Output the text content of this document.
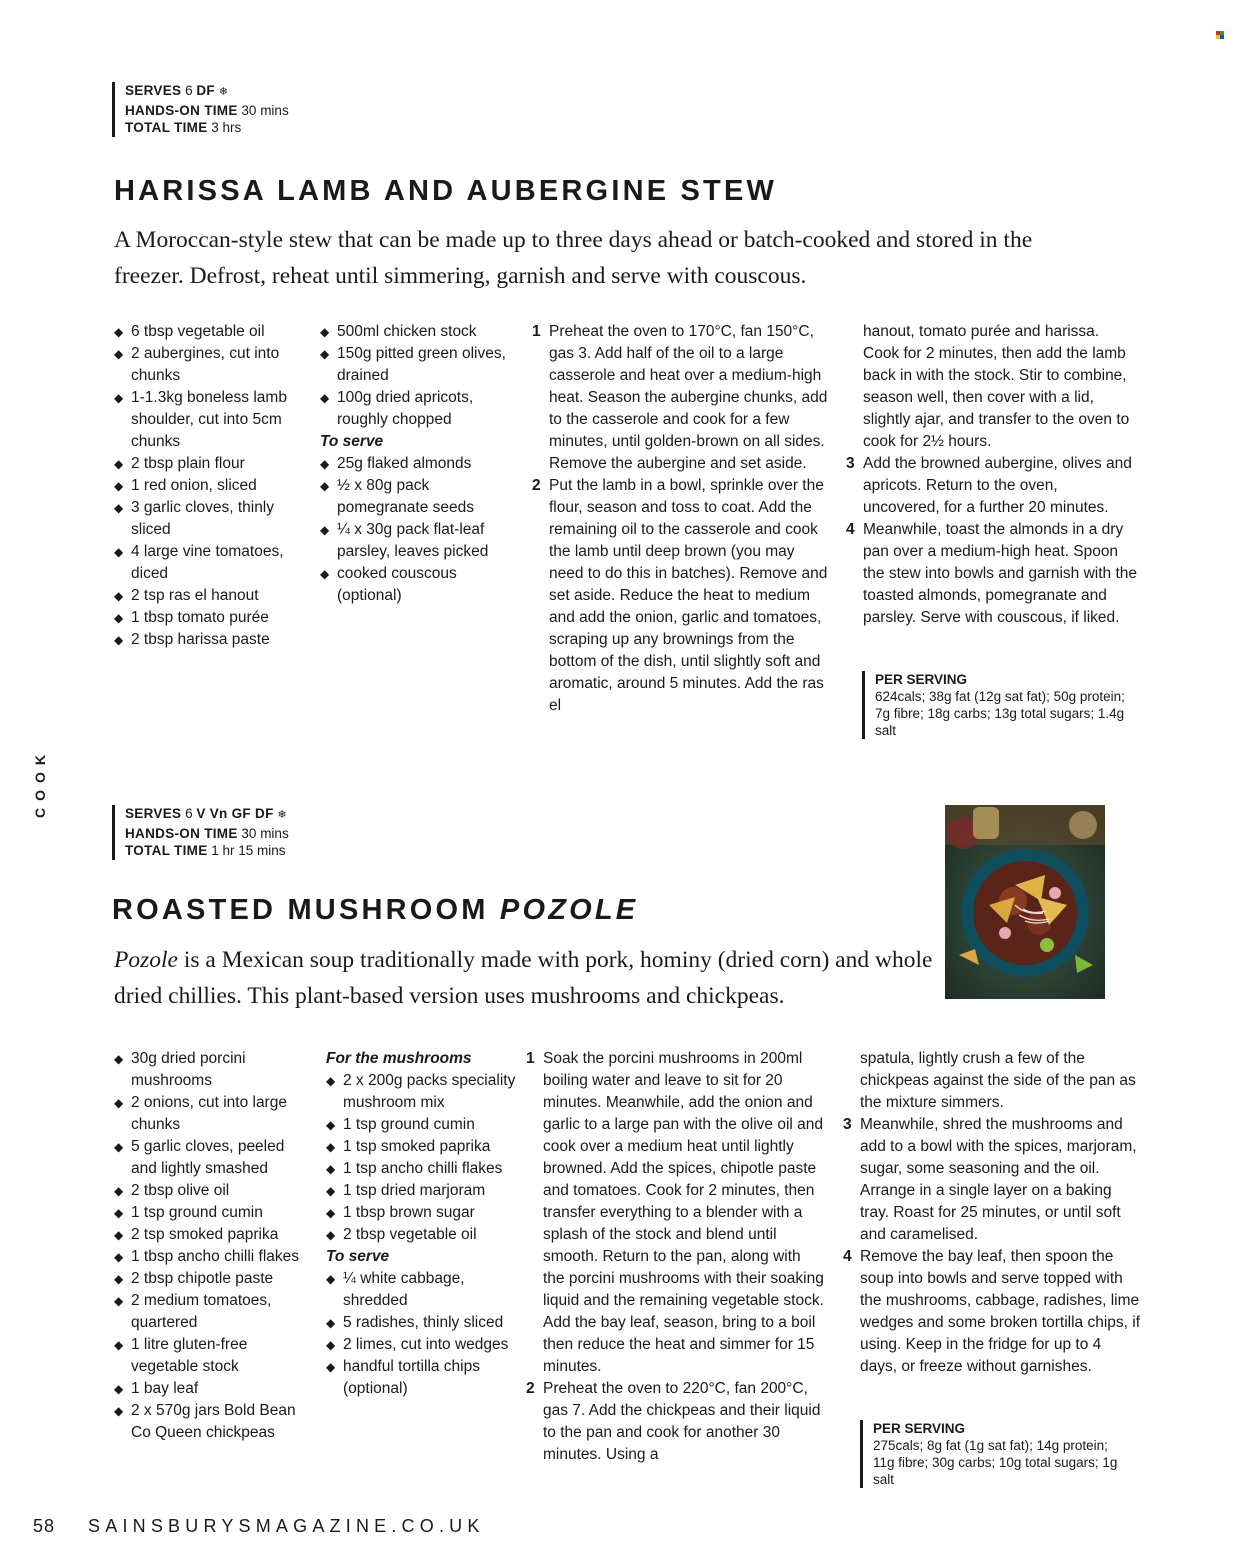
COOK
SERVES 6 DF ❄
HANDS-ON TIME 30 mins
TOTAL TIME 3 hrs
HARISSA LAMB AND AUBERGINE STEW
A Moroccan-style stew that can be made up to three days ahead or batch-cooked and stored in the freezer. Defrost, reheat until simmering, garnish and serve with couscous.
◆ 6 tbsp vegetable oil
◆ 2 aubergines, cut into chunks
◆ 1-1.3kg boneless lamb shoulder, cut into 5cm chunks
◆ 2 tbsp plain flour
◆ 1 red onion, sliced
◆ 3 garlic cloves, thinly sliced
◆ 4 large vine tomatoes, diced
◆ 2 tsp ras el hanout
◆ 1 tbsp tomato purée
◆ 2 tbsp harissa paste
◆ 500ml chicken stock
◆ 150g pitted green olives, drained
◆ 100g dried apricots, roughly chopped
To serve
◆ 25g flaked almonds
◆ ½ x 80g pack pomegranate seeds
◆ ¼ x 30g pack flat-leaf parsley, leaves picked
◆ cooked couscous (optional)
1 Preheat the oven to 170°C, fan 150°C, gas 3. Add half of the oil to a large casserole and heat over a medium-high heat. Season the aubergine chunks, add to the casserole and cook for a few minutes, until golden-brown on all sides. Remove the aubergine and set aside.
2 Put the lamb in a bowl, sprinkle over the flour, season and toss to coat. Add the remaining oil to the casserole and cook the lamb until deep brown (you may need to do this in batches). Remove and set aside. Reduce the heat to medium and add the onion, garlic and tomatoes, scraping up any brownings from the bottom of the dish, until slightly soft and aromatic, around 5 minutes. Add the ras el
hanout, tomato purée and harissa. Cook for 2 minutes, then add the lamb back in with the stock. Stir to combine, season well, then cover with a lid, slightly ajar, and transfer to the oven to cook for 2½ hours.
3 Add the browned aubergine, olives and apricots. Return to the oven, uncovered, for a further 20 minutes.
4 Meanwhile, toast the almonds in a dry pan over a medium-high heat. Spoon the stew into bowls and garnish with the toasted almonds, pomegranate and parsley. Serve with couscous, if liked.
PER SERVING
624cals; 38g fat (12g sat fat); 50g protein; 7g fibre; 18g carbs; 13g total sugars; 1.4g salt
SERVES 6 V Vn GF DF ❄
HANDS-ON TIME 30 mins
TOTAL TIME 1 hr 15 mins
ROASTED MUSHROOM POZOLE
Pozole is a Mexican soup traditionally made with pork, hominy (dried corn) and whole dried chillies. This plant-based version uses mushrooms and chickpeas.
◆ 30g dried porcini mushrooms
◆ 2 onions, cut into large chunks
◆ 5 garlic cloves, peeled and lightly smashed
◆ 2 tbsp olive oil
◆ 1 tsp ground cumin
◆ 2 tsp smoked paprika
◆ 1 tbsp ancho chilli flakes
◆ 2 tbsp chipotle paste
◆ 2 medium tomatoes, quartered
◆ 1 litre gluten-free vegetable stock
◆ 1 bay leaf
◆ 2 x 570g jars Bold Bean Co Queen chickpeas
For the mushrooms
◆ 2 x 200g packs speciality mushroom mix
◆ 1 tsp ground cumin
◆ 1 tsp smoked paprika
◆ 1 tsp ancho chilli flakes
◆ 1 tsp dried marjoram
◆ 1 tbsp brown sugar
◆ 2 tbsp vegetable oil
To serve
◆ ¼ white cabbage, shredded
◆ 5 radishes, thinly sliced
◆ 2 limes, cut into wedges
◆ handful tortilla chips (optional)
1 Soak the porcini mushrooms in 200ml boiling water and leave to sit for 20 minutes. Meanwhile, add the onion and garlic to a large pan with the olive oil and cook over a medium heat until lightly browned. Add the spices, chipotle paste and tomatoes. Cook for 2 minutes, then transfer everything to a blender with a splash of the stock and blend until smooth. Return to the pan, along with the porcini mushrooms with their soaking liquid and the remaining vegetable stock. Add the bay leaf, season, bring to a boil then reduce the heat and simmer for 15 minutes.
2 Preheat the oven to 220°C, fan 200°C, gas 7. Add the chickpeas and their liquid to the pan and cook for another 30 minutes. Using a
spatula, lightly crush a few of the chickpeas against the side of the pan as the mixture simmers.
3 Meanwhile, shred the mushrooms and add to a bowl with the spices, marjoram, sugar, some seasoning and the oil. Arrange in a single layer on a baking tray. Roast for 25 minutes, or until soft and caramelised.
4 Remove the bay leaf, then spoon the soup into bowls and serve topped with the mushrooms, cabbage, radishes, lime wedges and some broken tortilla chips, if using. Keep in the fridge for up to 4 days, or freeze without garnishes.
PER SERVING
275cals; 8g fat (1g sat fat); 14g protein; 11g fibre; 30g carbs; 10g total sugars; 1g salt
58 SAINSBURYSMAGAZINE.CO.UK
